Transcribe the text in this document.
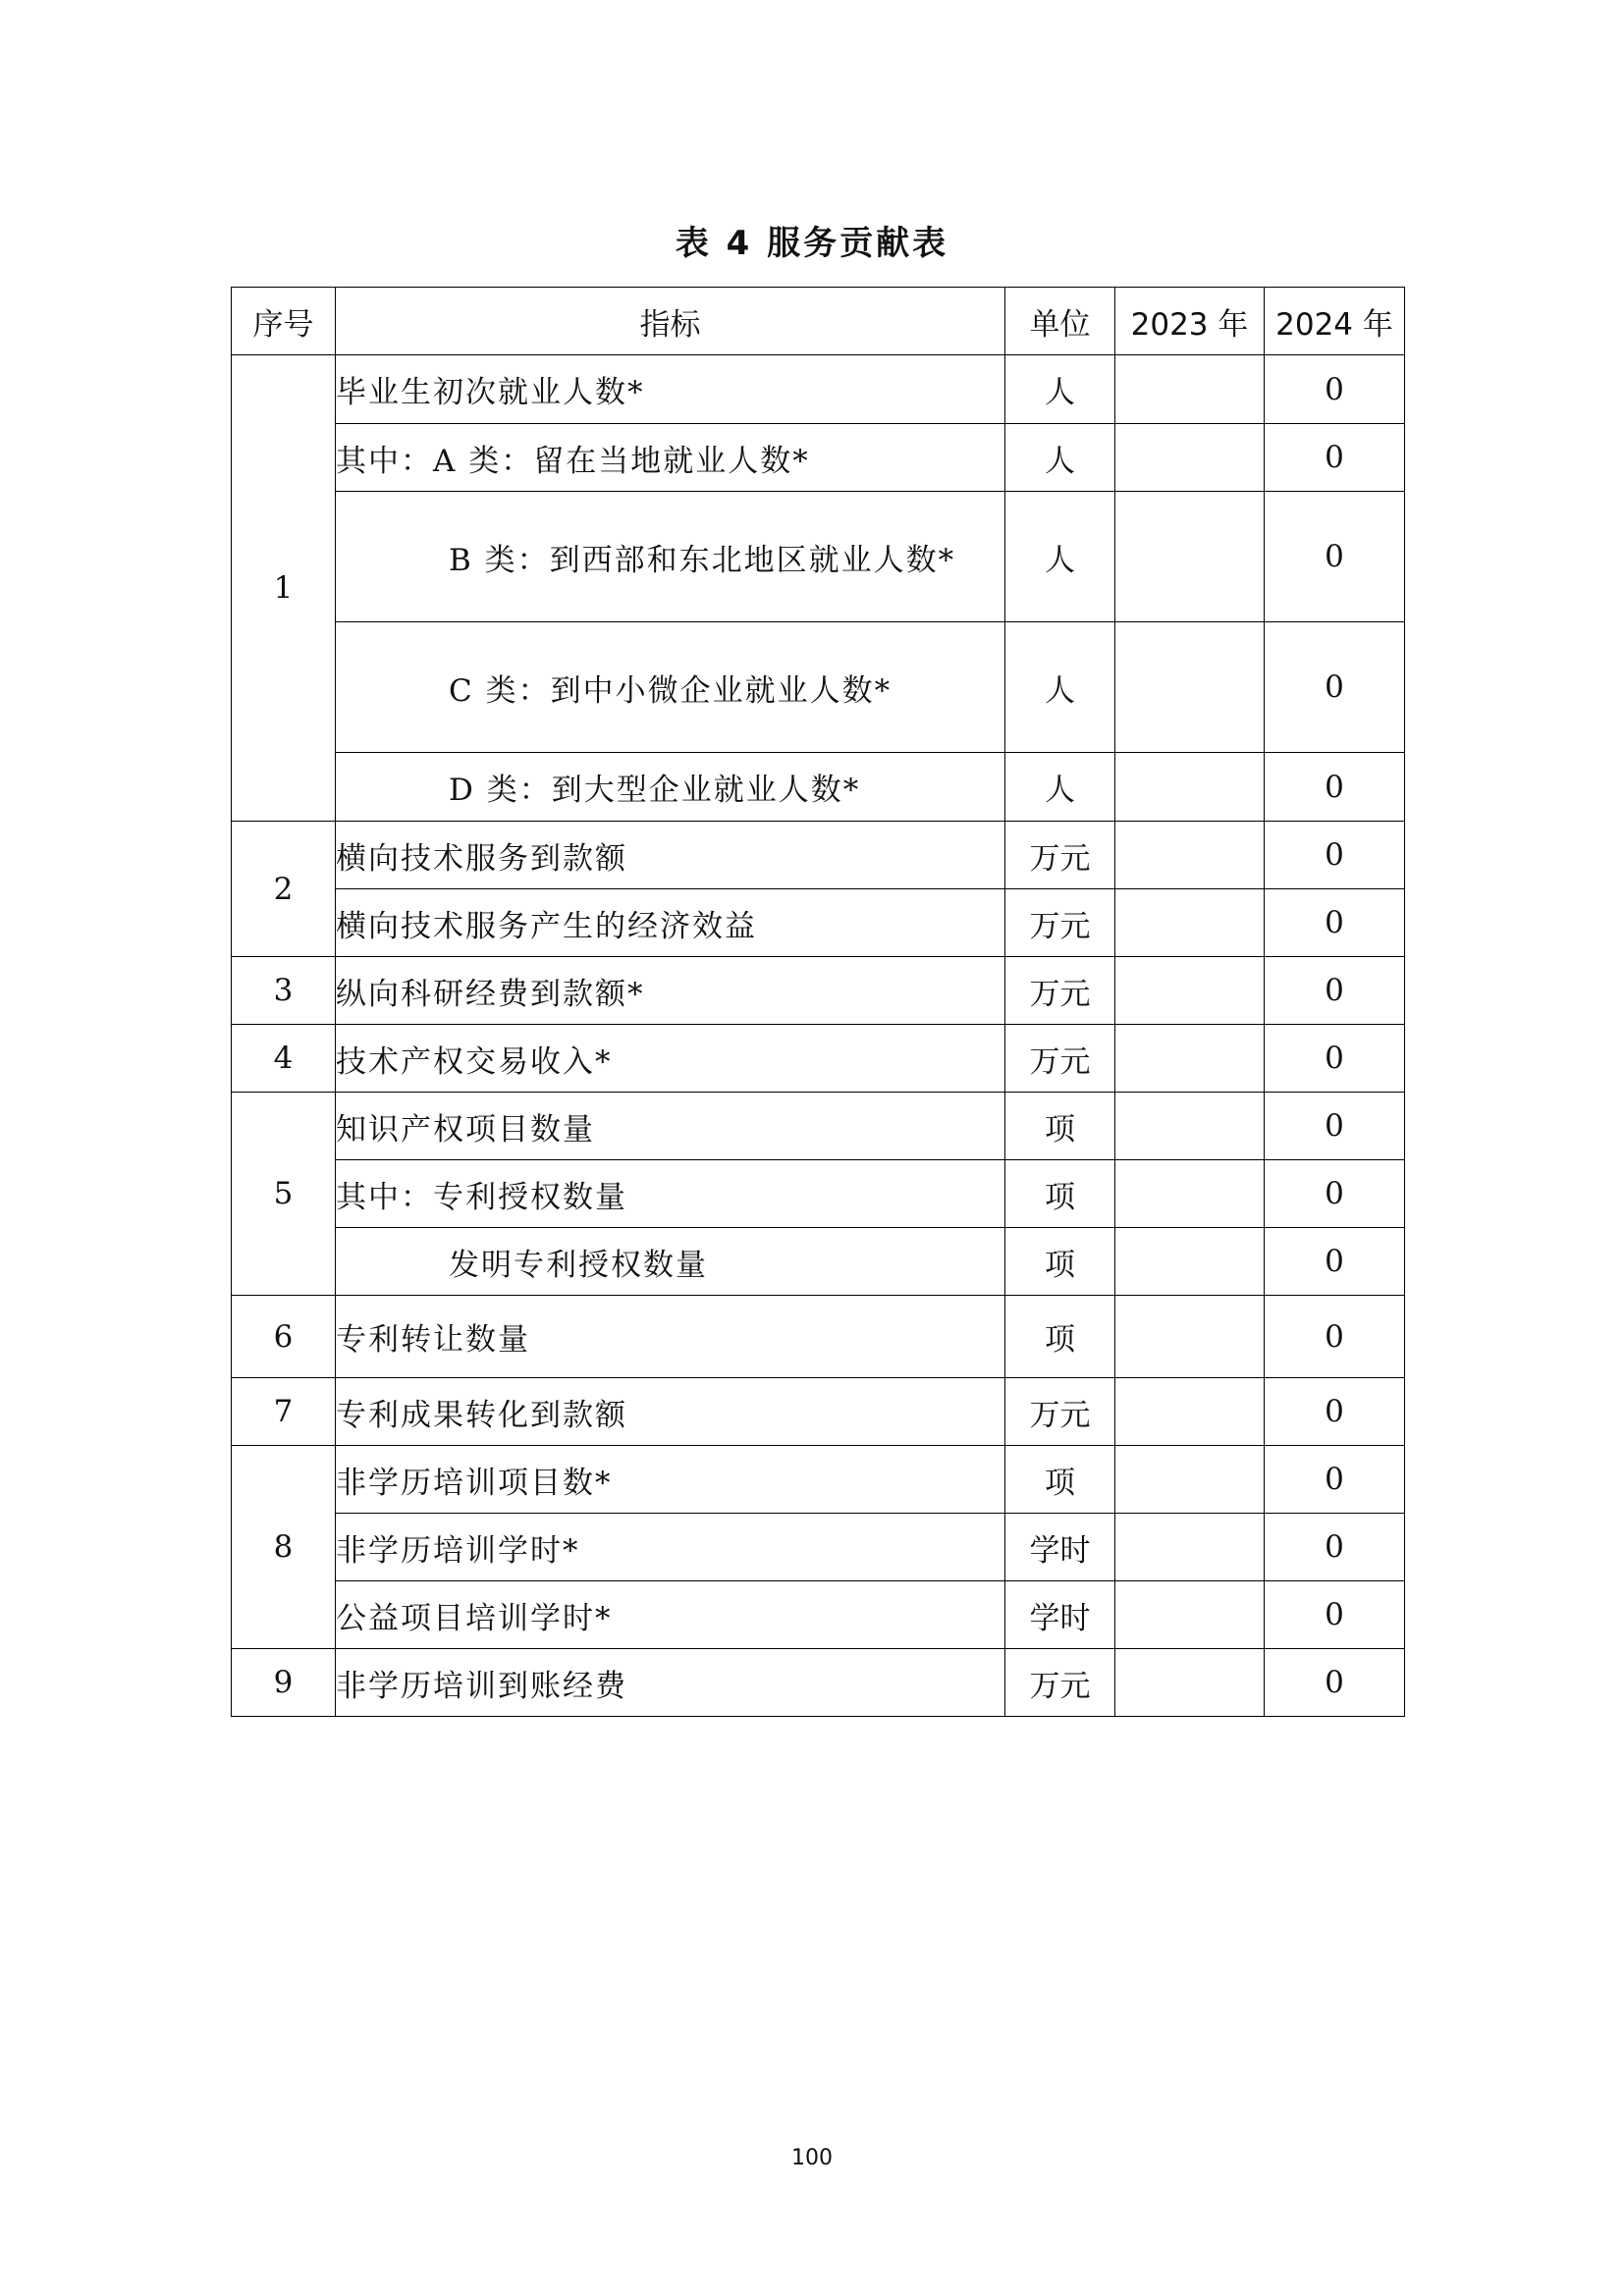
表 4 服务贡献表
序号	指标	单位	2023 年	2024 年
1	毕业生初次就业人数*	人		0
	其中：A 类：留在当地就业人数*	人		0
	B 类：到西部和东北地区就业人数*	人		0
	C 类：到中小微企业就业人数*	人		0
	D 类：到大型企业就业人数*	人		0
2	横向技术服务到款额	万元		0
	横向技术服务产生的经济效益	万元		0
3	纵向科研经费到款额*	万元		0
4	技术产权交易收入*	万元		0
5	知识产权项目数量	项		0
	其中：专利授权数量	项		0
	发明专利授权数量	项		0
6	专利转让数量	项		0
7	专利成果转化到款额	万元		0
8	非学历培训项目数*	项		0
	非学历培训学时*	学时		0
	公益项目培训学时*	学时		0
9	非学历培训到账经费	万元		0
100
